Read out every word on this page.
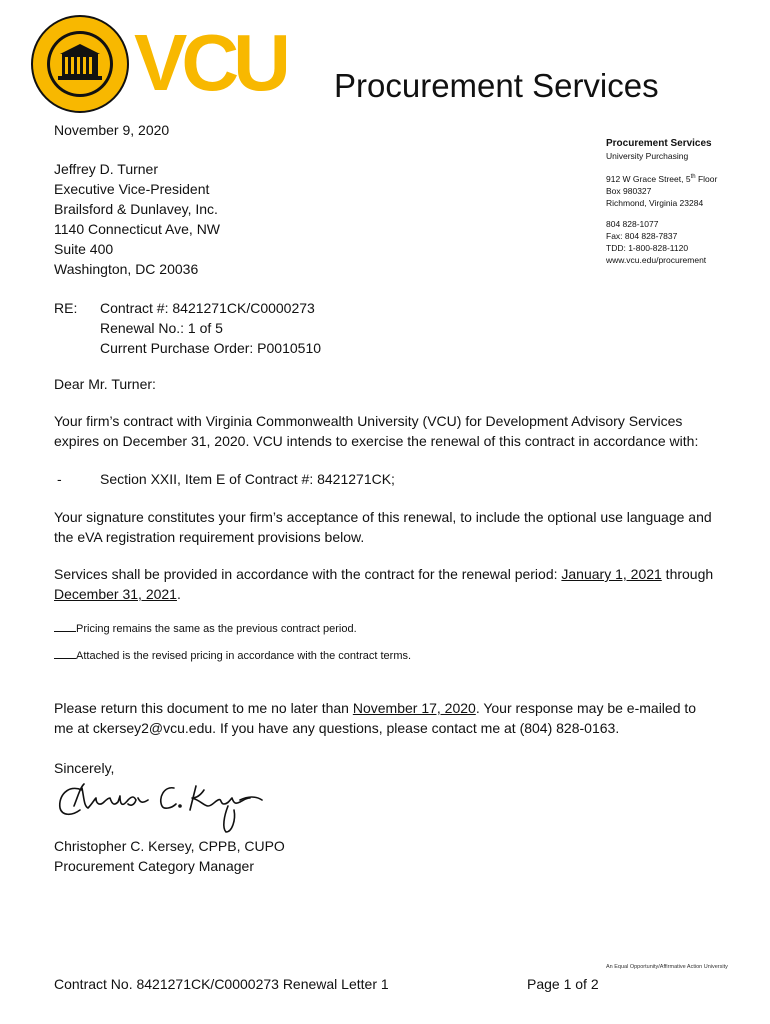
VCU Procurement Services
November 9, 2020
Jeffrey D. Turner
Executive Vice-President
Brailsford & Dunlavey, Inc.
1140 Connecticut Ave, NW
Suite 400
Washington, DC 20036
Procurement Services
University Purchasing
912 W Grace Street, 5th Floor
Box 980327
Richmond, Virginia 23284
804 828-1077
Fax: 804 828-7837
TDD: 1-800-828-1120
www.vcu.edu/procurement
RE: Contract #: 8421271CK/C0000273
Renewal No.: 1 of 5
Current Purchase Order: P0010510
Dear Mr. Turner:
Your firm’s contract with Virginia Commonwealth University (VCU) for Development Advisory Services
expires on December 31, 2020. VCU intends to exercise the renewal of this contract in accordance with:
-	Section XXII, Item E of Contract #: 8421271CK;
Your signature constitutes your firm’s acceptance of this renewal, to include the optional use language and
the eVA registration requirement provisions below.
Services shall be provided in accordance with the contract for the renewal period: January 1, 2021 through
December 31, 2021.
Pricing remains the same as the previous contract period.
Attached is the revised pricing in accordance with the contract terms.
Please return this document to me no later than November 17, 2020. Your response may be e-mailed to
me at ckersey2@vcu.edu. If you have any questions, please contact me at (804) 828-0163.
Sincerely,
Christopher C. Kersey, CPPB, CUPO
Procurement Category Manager
An Equal Opportunity/Affirmative Action University
Contract No. 8421271CK/C0000273 Renewal Letter 1	Page 1 of 2
